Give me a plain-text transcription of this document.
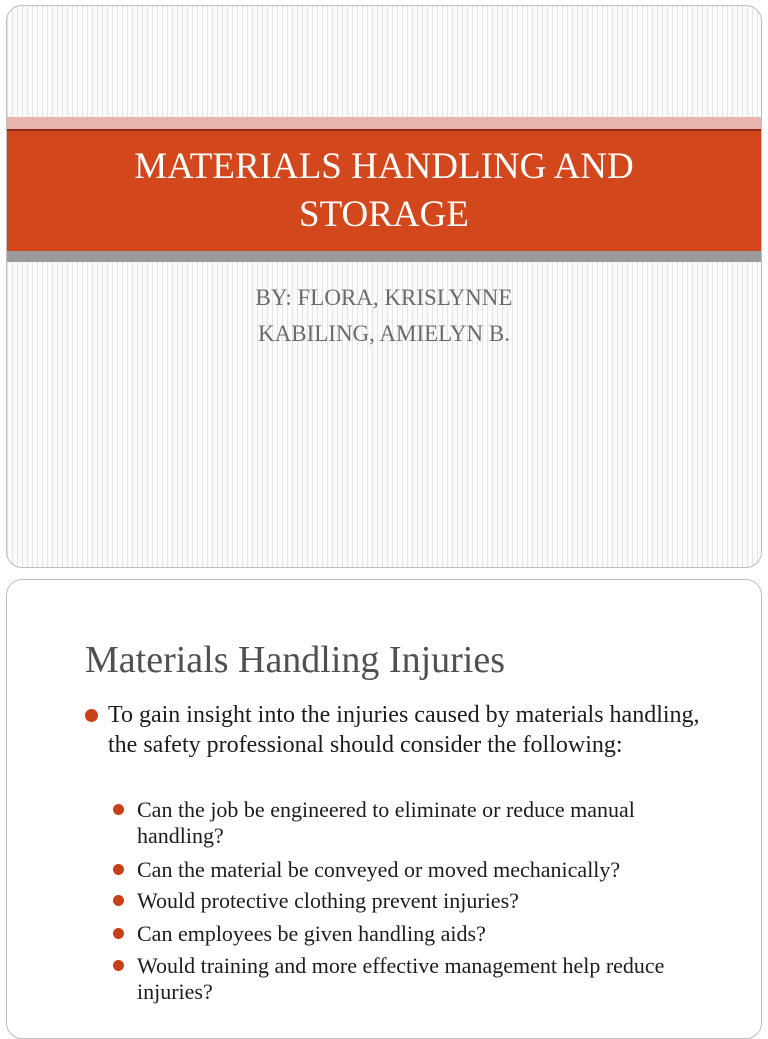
MATERIALS HANDLING AND
STORAGE
BY: FLORA, KRISLYNNE
KABILING, AMIELYN B.
Materials Handling Injuries
To gain insight into the injuries caused by materials handling, the safety professional should consider the following:
Can the job be engineered to eliminate or reduce manual handling?
Can the material be conveyed or moved mechanically?
Would protective clothing prevent injuries?
Can employees be given handling aids?
Would training and more effective management help reduce injuries?
